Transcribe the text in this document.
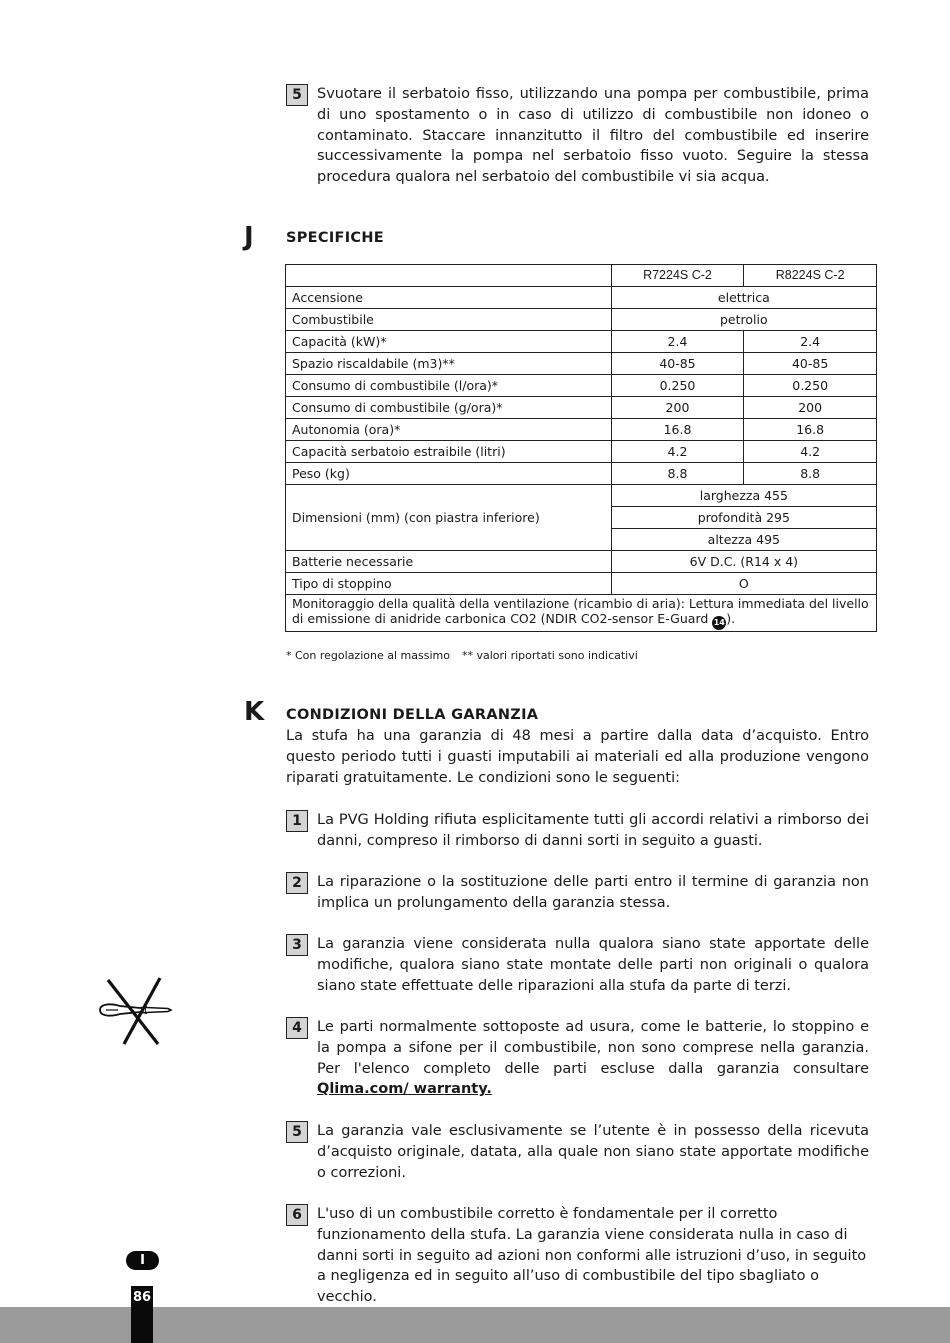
5	Svuotare il serbatoio fisso, utilizzando una pompa per combustibile, prima di uno spostamento o in caso di utilizzo di combustibile non idoneo o contaminato. Staccare innanzitutto il filtro del combustibile ed inserire successivamente la pompa nel serbatoio fisso vuoto. Seguire la stessa procedura qualora nel serbatoio del combustibile vi sia acqua.
J SPECIFICHE
	R7224S C-2	R8224S C-2
Accensione	elettrica	
Combustibile	petrolio	
Capacità (kW)*	2.4	2.4
Spazio riscaldabile (m3)**	40-85	40-85
Consumo di combustibile (l/ora)*	0.250	0.250
Consumo di combustibile (g/ora)*	200	200
Autonomia (ora)*	16.8	16.8
Capacità serbatoio estraibile (litri)	4.2	4.2
Peso (kg)	8.8	8.8
Dimensioni (mm) (con piastra inferiore)	larghezza 455	
	profondità 295	
	altezza 495	
Batterie necessarie	6V D.C. (R14 x 4)	
Tipo di stoppino	O	
Monitoraggio della qualità della ventilazione (ricambio di aria): Lettura immediata del livello di emissione di anidride carbonica CO2 (NDIR CO2-sensor E-Guard 14).		
* Con regolazione al massimo ** valori riportati sono indicativi
K CONDIZIONI DELLA GARANZIA
La stufa ha una garanzia di 48 mesi a partire dalla data d’acquisto. Entro questo periodo tutti i guasti imputabili ai materiali ed alla produzione vengono riparati gratuitamente. Le condizioni sono le seguenti:
1	La PVG Holding rifiuta esplicitamente tutti gli accordi relativi a rimborso dei danni, compreso il rimborso di danni sorti in seguito a guasti.
2	La riparazione o la sostituzione delle parti entro il termine di garanzia non implica un prolungamento della garanzia stessa.
3	La garanzia viene considerata nulla qualora siano state apportate delle modifiche, qualora siano state montate delle parti non originali o qualora siano state effettuate delle riparazioni alla stufa da parte di terzi.
4	Le parti normalmente sottoposte ad usura, come le batterie, lo stoppino e la pompa a sifone per il combustibile, non sono comprese nella garanzia. Per l'elenco completo delle parti escluse dalla garanzia consultare Qlima.com/ warranty.
5	La garanzia vale esclusivamente se l’utente è in possesso della ricevuta d’acquisto originale, datata, alla quale non siano state apportate modifiche o correzioni.
6	L'uso di un combustibile corretto è fondamentale per il corretto funzionamento della stufa. La garanzia viene considerata nulla in caso di danni sorti in seguito ad azioni non conformi alle istruzioni d’uso, in seguito a negligenza ed in seguito all’uso di combustibile del tipo sbagliato o vecchio.
I
86
